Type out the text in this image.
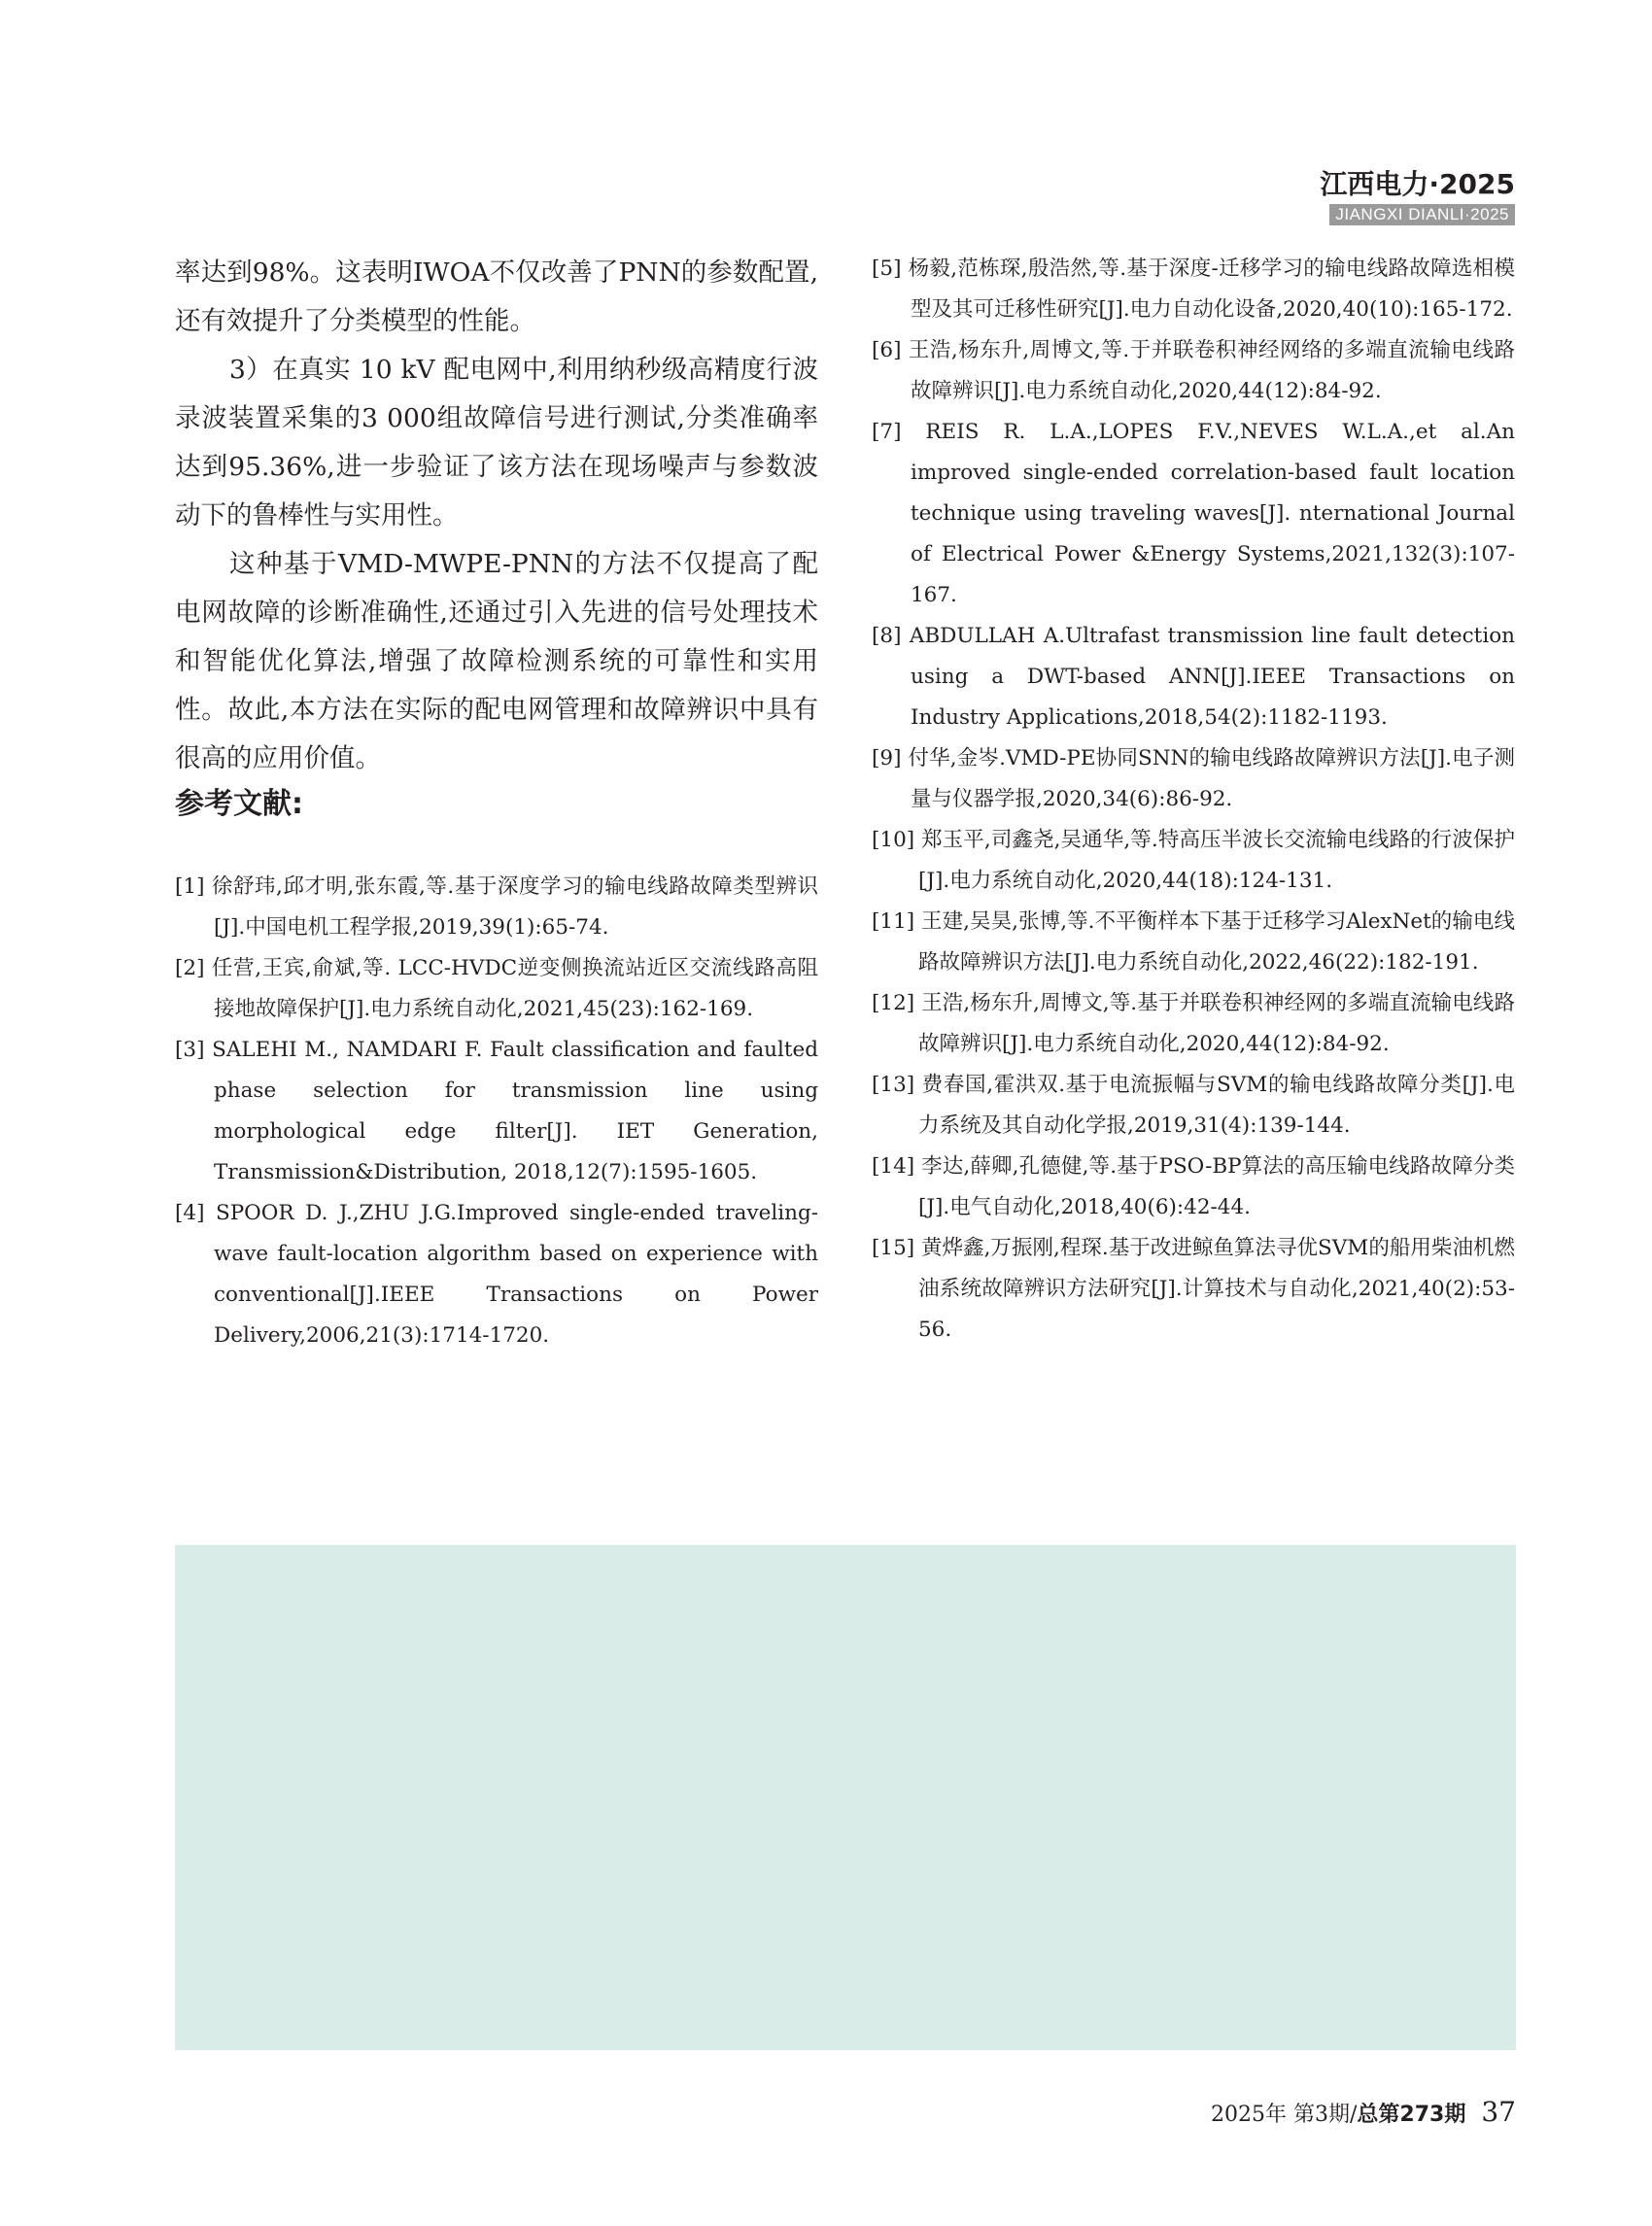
江西电力·2025
JIANGXI DIANLI·2025

率达到98%。这表明IWOA不仅改善了PNN的参数配置,还有效提升了分类模型的性能。

3）在真实 10 kV 配电网中,利用纳秒级高精度行波录波装置采集的3 000组故障信号进行测试,分类准确率达到95.36%,进一步验证了该方法在现场噪声与参数波动下的鲁棒性与实用性。

这种基于VMD-MWPE-PNN的方法不仅提高了配电网故障的诊断准确性,还通过引入先进的信号处理技术和智能优化算法,增强了故障检测系统的可靠性和实用性。故此,本方法在实际的配电网管理和故障辨识中具有很高的应用价值。

参考文献:

[1] 徐舒玮,邱才明,张东霞,等.基于深度学习的输电线路故障类型辨识[J].中国电机工程学报,2019,39(1):65-74.

[2] 任营,王宾,俞斌,等. LCC-HVDC逆变侧换流站近区交流线路高阻接地故障保护[J].电力系统自动化,2021,45(23):162-169.

[3] SALEHI M., NAMDARI F. Fault classification and faulted phase selection for transmission line using morphological edge filter[J]. IET Generation, Transmission&Distribution, 2018,12(7):1595-1605.

[4] SPOOR D. J.,ZHU J.G.Improved single-ended traveling- wave fault-location algorithm based on experience with conventional[J].IEEE Transactions on Power Delivery,2006,21(3):1714-1720.

[5] 杨毅,范栋琛,殷浩然,等.基于深度-迁移学习的输电线路故障选相模型及其可迁移性研究[J].电力自动化设备,2020,40(10):165-172.

[6] 王浩,杨东升,周博文,等.于并联卷积神经网络的多端直流输电线路故障辨识[J].电力系统自动化,2020,44(12):84-92.

[7] REIS R. L.A.,LOPES F.V.,NEVES W.L.A.,et al.An improved single-ended correlation-based fault location technique using traveling waves[J]. nternational Journal of Electrical Power &Energy Systems,2021,132(3):107-167.

[8] ABDULLAH A.Ultrafast transmission line fault detection using a DWT-based ANN[J].IEEE Transactions on Industry Applications,2018,54(2):1182-1193.

[9] 付华,金岑.VMD-PE协同SNN的输电线路故障辨识方法[J].电子测量与仪器学报,2020,34(6):86-92.

[10] 郑玉平,司鑫尧,吴通华,等.特高压半波长交流输电线路的行波保护[J].电力系统自动化,2020,44(18):124-131.

[11] 王建,吴昊,张博,等.不平衡样本下基于迁移学习AlexNet的输电线路故障辨识方法[J].电力系统自动化,2022,46(22):182-191.

[12] 王浩,杨东升,周博文,等.基于并联卷积神经网的多端直流输电线路故障辨识[J].电力系统自动化,2020,44(12):84-92.

[13] 费春国,霍洪双.基于电流振幅与SVM的输电线路故障分类[J].电力系统及其自动化学报,2019,31(4):139-144.

[14] 李达,薛卿,孔德健,等.基于PSO-BP算法的高压输电线路故障分类[J].电气自动化,2018,40(6):42-44.

[15] 黄烨鑫,万振刚,程琛.基于改进鲸鱼算法寻优SVM的船用柴油机燃油系统故障辨识方法研究[J].计算技术与自动化,2021,40(2):53-56.

2025年 第3期/总第273期 37
